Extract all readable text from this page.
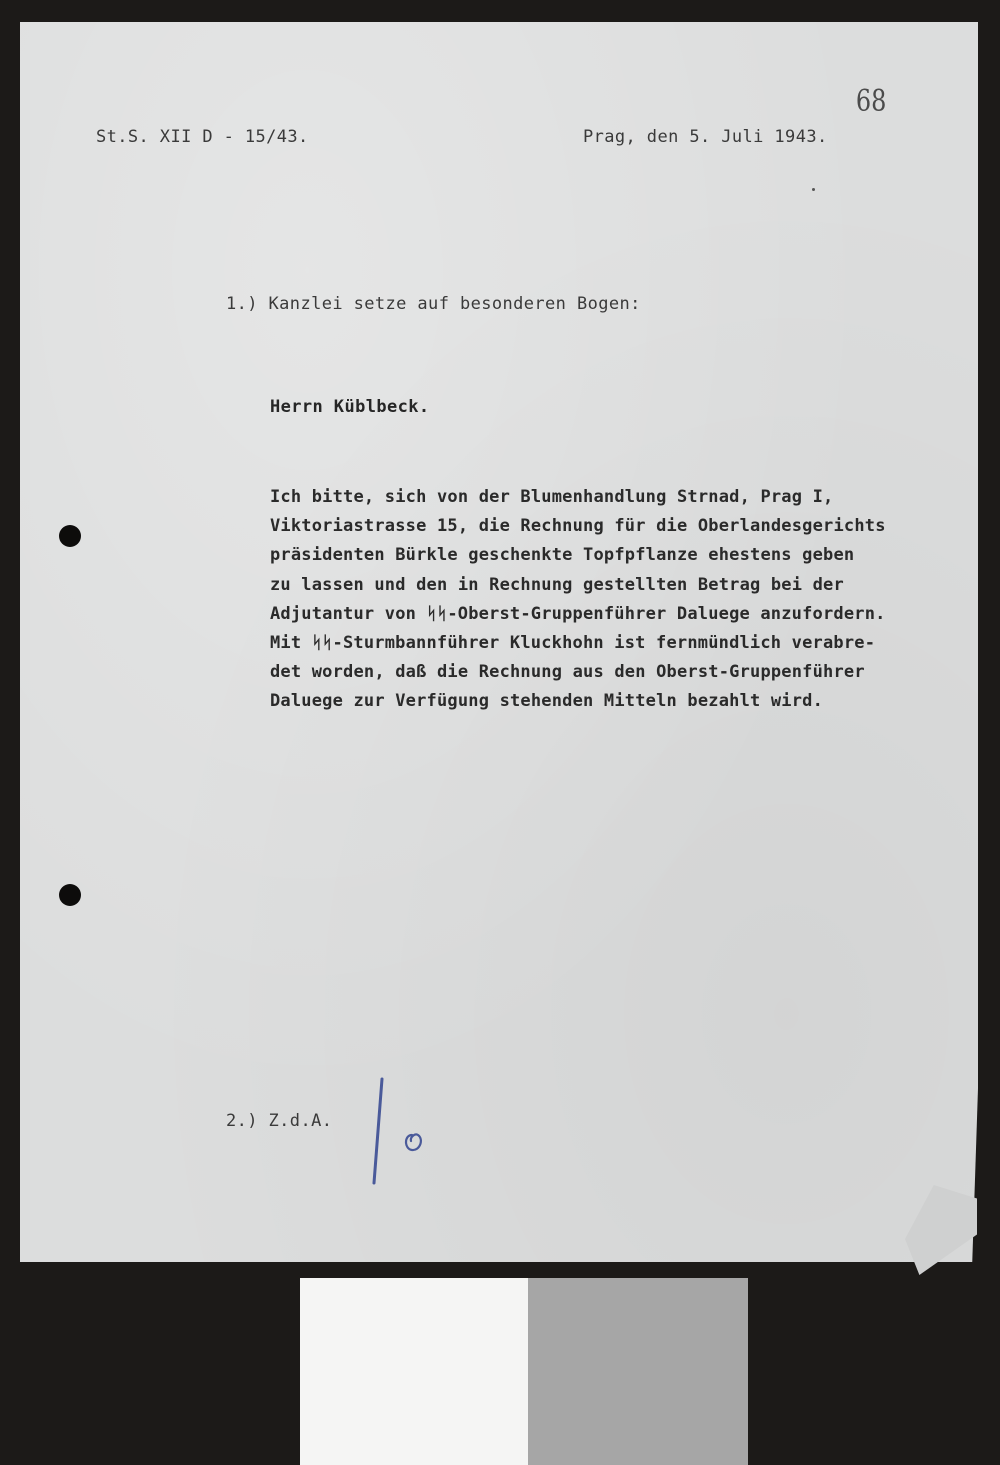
68
St.S. XII D - 15/43.	Prag, den 5. Juli 1943.
1.) Kanzlei setze auf besonderen Bogen:
Herrn Küblbeck.
Ich bitte, sich von der Blumenhandlung Strnad, Prag I,
Viktoriastrasse 15, die Rechnung für die Oberlandesgerichts
präsidenten Bürkle geschenkte Topfpflanze ehestens geben
zu lassen und den in Rechnung gestellten Betrag bei der
Adjutantur von ᛋᛋ-Oberst-Gruppenführer Daluege anzufordern.
Mit ᛋᛋ-Sturmbannführer Kluckhohn ist fernmündlich verabre-
det worden, daß die Rechnung aus den Oberst-Gruppenführer
Daluege zur Verfügung stehenden Mitteln bezahlt wird.
2.) Z.d.A.
